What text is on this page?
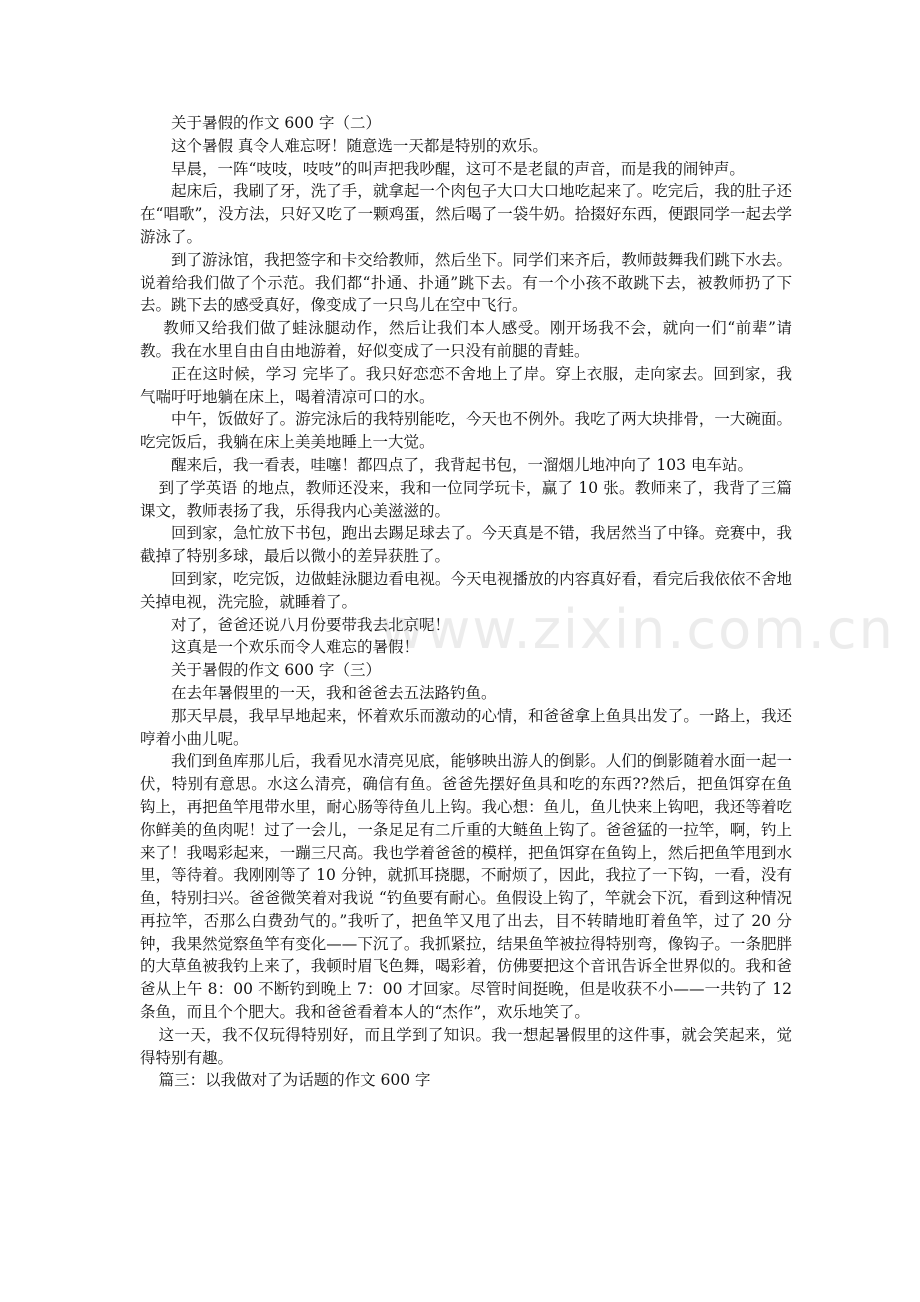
关于暑假的作文 600 字（二）

这个暑假 真令人难忘呀！随意选一天都是特别的欢乐。

早晨，一阵“吱吱，吱吱”的叫声把我吵醒，这可不是老鼠的声音，而是我的闹钟声。

起床后，我刷了牙，洗了手，就拿起一个肉包子大口大口地吃起来了。吃完后，我的肚子还在“唱歌”，没方法，只好又吃了一颗鸡蛋，然后喝了一袋牛奶。拾掇好东西，便跟同学一起去学游泳了。

到了游泳馆，我把签字和卡交给教师，然后坐下。同学们来齐后，教师鼓舞我们跳下水去。说着给我们做了个示范。我们都“扑通、扑通”跳下去。有一个小孩不敢跳下去，被教师扔了下去。跳下去的感受真好，像变成了一只鸟儿在空中飞行。

教师又给我们做了蛙泳腿动作，然后让我们本人感受。刚开场我不会，就向一们“前辈”请教。我在水里自由自由地游着，好似变成了一只没有前腿的青蛙。

正在这时候，学习 完毕了。我只好恋恋不舍地上了岸。穿上衣服，走向家去。回到家，我气喘吁吁地躺在床上，喝着清凉可口的水。

中午，饭做好了。游完泳后的我特别能吃，今天也不例外。我吃了两大块排骨，一大碗面。吃完饭后，我躺在床上美美地睡上一大觉。

醒来后，我一看表，哇噻！都四点了，我背起书包，一溜烟儿地冲向了 103 电车站。

到了学英语 的地点，教师还没来，我和一位同学玩卡，赢了 10 张。教师来了，我背了三篇课文，教师表扬了我，乐得我内心美滋滋的。

回到家，急忙放下书包，跑出去踢足球去了。今天真是不错，我居然当了中锋。竞赛中，我截掉了特别多球，最后以微小的差异获胜了。

回到家，吃完饭，边做蛙泳腿边看电视。今天电视播放的内容真好看，看完后我依依不舍地关掉电视，洗完脸，就睡着了。

对了，爸爸还说八月份要带我去北京呢！

这真是一个欢乐而令人难忘的暑假！

关于暑假的作文 600 字（三）

在去年暑假里的一天，我和爸爸去五法路钓鱼。

那天早晨，我早早地起来，怀着欢乐而激动的心情，和爸爸拿上鱼具出发了。一路上，我还哼着小曲儿呢。

我们到鱼库那儿后，我看见水清亮见底，能够映出游人的倒影。人们的倒影随着水面一起一伏，特别有意思。水这么清亮，确信有鱼。爸爸先摆好鱼具和吃的东西??然后，把鱼饵穿在鱼钩上，再把鱼竿甩带水里，耐心肠等待鱼儿上钩。我心想：鱼儿，鱼儿快来上钩吧，我还等着吃你鲜美的鱼肉呢！过了一会儿，一条足足有二斤重的大鲢鱼上钩了。爸爸猛的一拉竿，啊，钓上来了！我喝彩起来，一蹦三尺高。我也学着爸爸的模样，把鱼饵穿在鱼钩上，然后把鱼竿甩到水里，等待着。我刚刚等了 10 分钟，就抓耳挠腮，不耐烦了，因此，我拉了一下钩，一看，没有鱼，特别扫兴。爸爸微笑着对我说 “钓鱼要有耐心。鱼假设上钩了，竿就会下沉，看到这种情况再拉竿，否那么白费劲气的。”我听了，把鱼竿又甩了出去，目不转睛地盯着鱼竿，过了 20 分钟，我果然觉察鱼竿有变化——下沉了。我抓紧拉，结果鱼竿被拉得特别弯，像钩子。一条肥胖的大草鱼被我钓上来了，我顿时眉飞色舞，喝彩着，仿佛要把这个音讯告诉全世界似的。我和爸爸从上午 8：00 不断钓到晚上 7：00 才回家。尽管时间挺晚，但是收获不小——一共钓了 12 条鱼，而且个个肥大。我和爸爸看着本人的“杰作”，欢乐地笑了。

这一天，我不仅玩得特别好，而且学到了知识。我一想起暑假里的这件事，就会笑起来，觉得特别有趣。

篇三：以我做对了为话题的作文 600 字

www.zixin.com.cn
